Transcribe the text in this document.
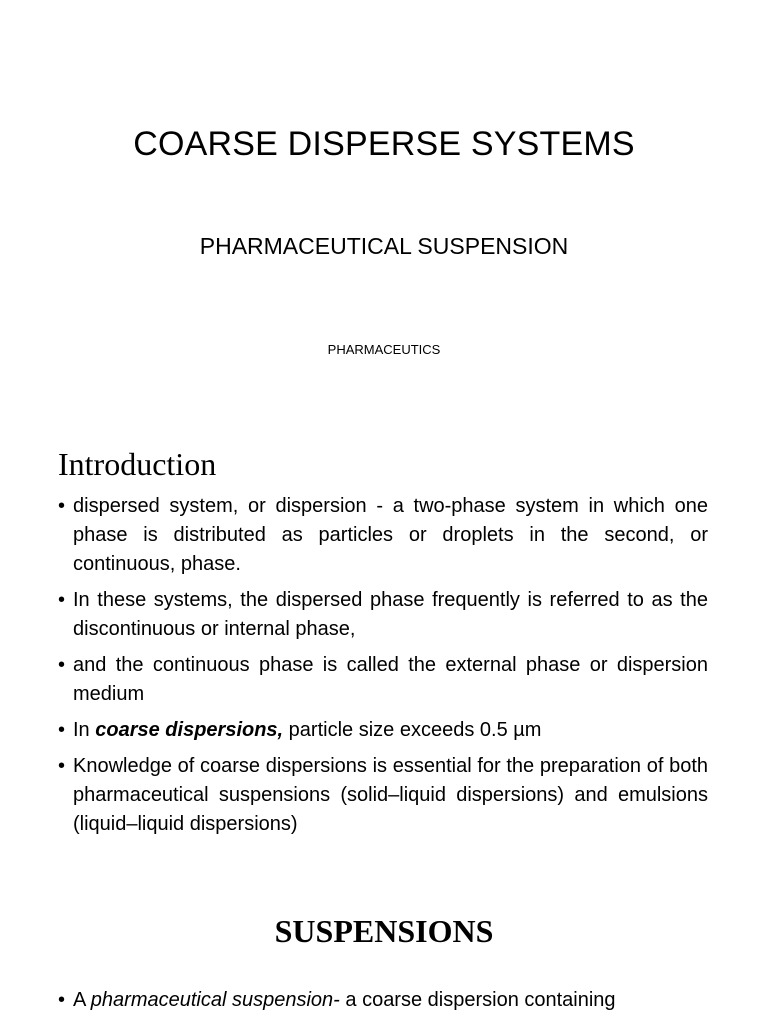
COARSE DISPERSE SYSTEMS
PHARMACEUTICAL SUSPENSION
PHARMACEUTICS
Introduction
• dispersed system, or dispersion - a two-phase system in which one phase is distributed as particles or droplets in the second, or continuous, phase.
• In these systems, the dispersed phase frequently is referred to as the discontinuous or internal phase,
• and the continuous phase is called the external phase or dispersion medium
• In coarse dispersions, particle size exceeds 0.5 µm
• Knowledge of coarse dispersions is essential for the preparation of both pharmaceutical suspensions (solid–liquid dispersions) and emulsions (liquid–liquid dispersions)
SUSPENSIONS
• A pharmaceutical suspension- a coarse dispersion containing
